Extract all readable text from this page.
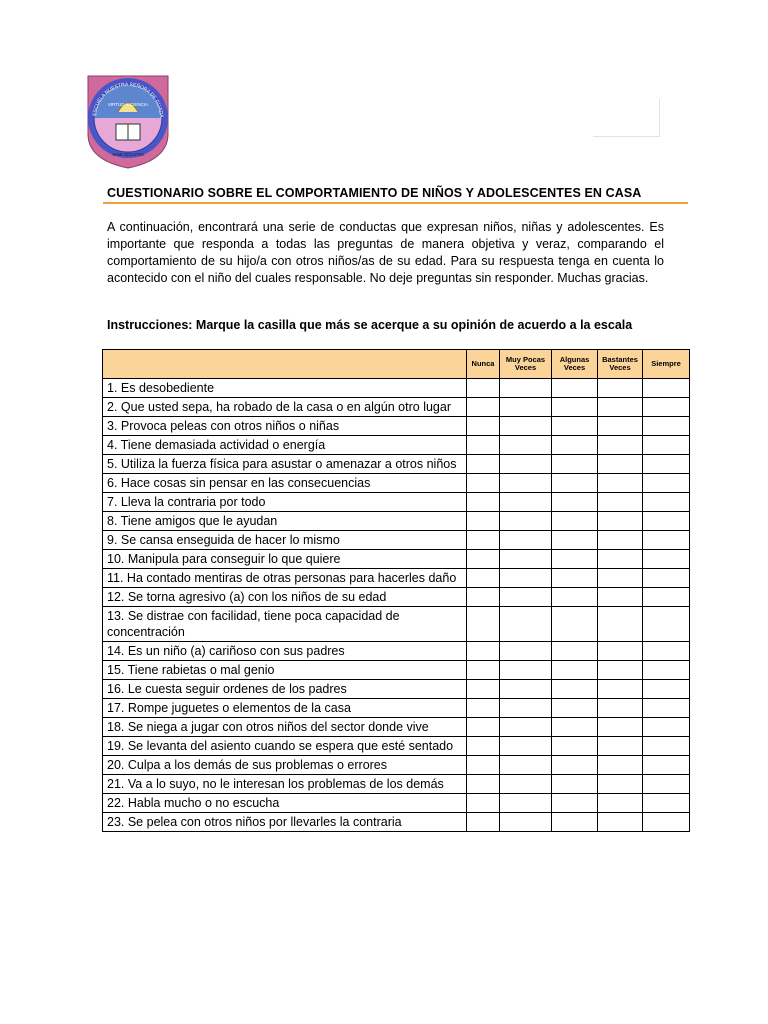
ESCUELA NUESTRA SEÑORA DE GUADA
VIRTUD Y CIENCIA
SINE SOLUTIO
CUESTIONARIO SOBRE EL COMPORTAMIENTO DE NIÑOS Y ADOLESCENTES EN CASA
A continuación, encontrará una serie de conductas que expresan niños, niñas y adolescentes. Es importante que responda a todas las preguntas de manera objetiva y veraz, comparando el comportamiento de su hijo/a con otros niños/as de su edad. Para su respuesta tenga en cuenta lo acontecido con el niño del cuales responsable. No deje preguntas sin responder. Muchas gracias.
Instrucciones: Marque la casilla que más se acerque a su opinión de acuerdo a la escala
	Nunca	Muy Pocas Veces	Algunas Veces	Bastantes Veces	Siempre
1. Es desobediente					
2. Que usted sepa, ha robado de la casa o en algún otro lugar					
3. Provoca peleas con otros niños o niñas					
4. Tiene demasiada actividad o energía					
5. Utiliza la fuerza física para asustar o amenazar a otros niños					
6. Hace cosas sin pensar en las consecuencias					
7. Lleva la contraria por todo					
8. Tiene amigos que le ayudan					
9. Se cansa enseguida de hacer lo mismo					
10. Manipula para conseguir lo que quiere					
11. Ha contado mentiras de otras personas para hacerles daño					
12. Se torna agresivo (a) con los niños de su edad					
13. Se distrae con facilidad, tiene poca capacidad de concentración					
14. Es un niño (a) cariñoso con sus padres					
15. Tiene rabietas o mal genio					
16. Le cuesta seguir ordenes de los padres					
17. Rompe juguetes o elementos de la casa					
18. Se niega a jugar con otros niños del sector donde vive					
19. Se levanta del asiento cuando se espera que esté sentado					
20. Culpa a los demás de sus problemas o errores					
21. Va a lo suyo, no le interesan los problemas de los demás					
22. Habla mucho o no escucha					
23. Se pelea con otros niños por llevarles la contraria					
